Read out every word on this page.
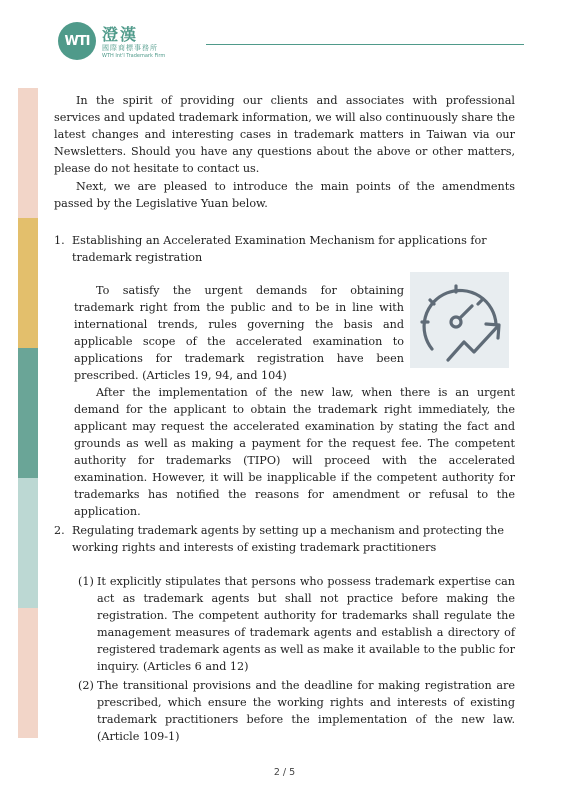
WTI 澄漢
國際商標事務所
WTH Int'l Trademark Firm

In the spirit of providing our clients and associates with professional services and updated trademark information, we will also continuously share the latest changes and interesting cases in trademark matters in Taiwan via our Newsletters. Should you have any questions about the above or other matters, please do not hesitate to contact us.

Next, we are pleased to introduce the main points of the amendments passed by the Legislative Yuan below.

1. Establishing an Accelerated Examination Mechanism for applications for trademark registration

To satisfy the urgent demands for obtaining trademark right from the public and to be in line with international trends, rules governing the basis and applicable scope of the accelerated examination to applications for trademark registration have been prescribed. (Articles 19, 94, and 104)

After the implementation of the new law, when there is an urgent demand for the applicant to obtain the trademark right immediately, the applicant may request the accelerated examination by stating the fact and grounds as well as making a payment for the request fee. The competent authority for trademarks (TIPO) will proceed with the accelerated examination. However, it will be inapplicable if the competent authority for trademarks has notified the reasons for amendment or refusal to the application.

2. Regulating trademark agents by setting up a mechanism and protecting the working rights and interests of existing trademark practitioners

(1) It explicitly stipulates that persons who possess trademark expertise can act as trademark agents but shall not practice before making the registration. The competent authority for trademarks shall regulate the management measures of trademark agents and establish a directory of registered trademark agents as well as make it available to the public for inquiry. (Articles 6 and 12)

(2) The transitional provisions and the deadline for making registration are prescribed, which ensure the working rights and interests of existing trademark practitioners before the implementation of the new law. (Article 109-1)

2 / 5
